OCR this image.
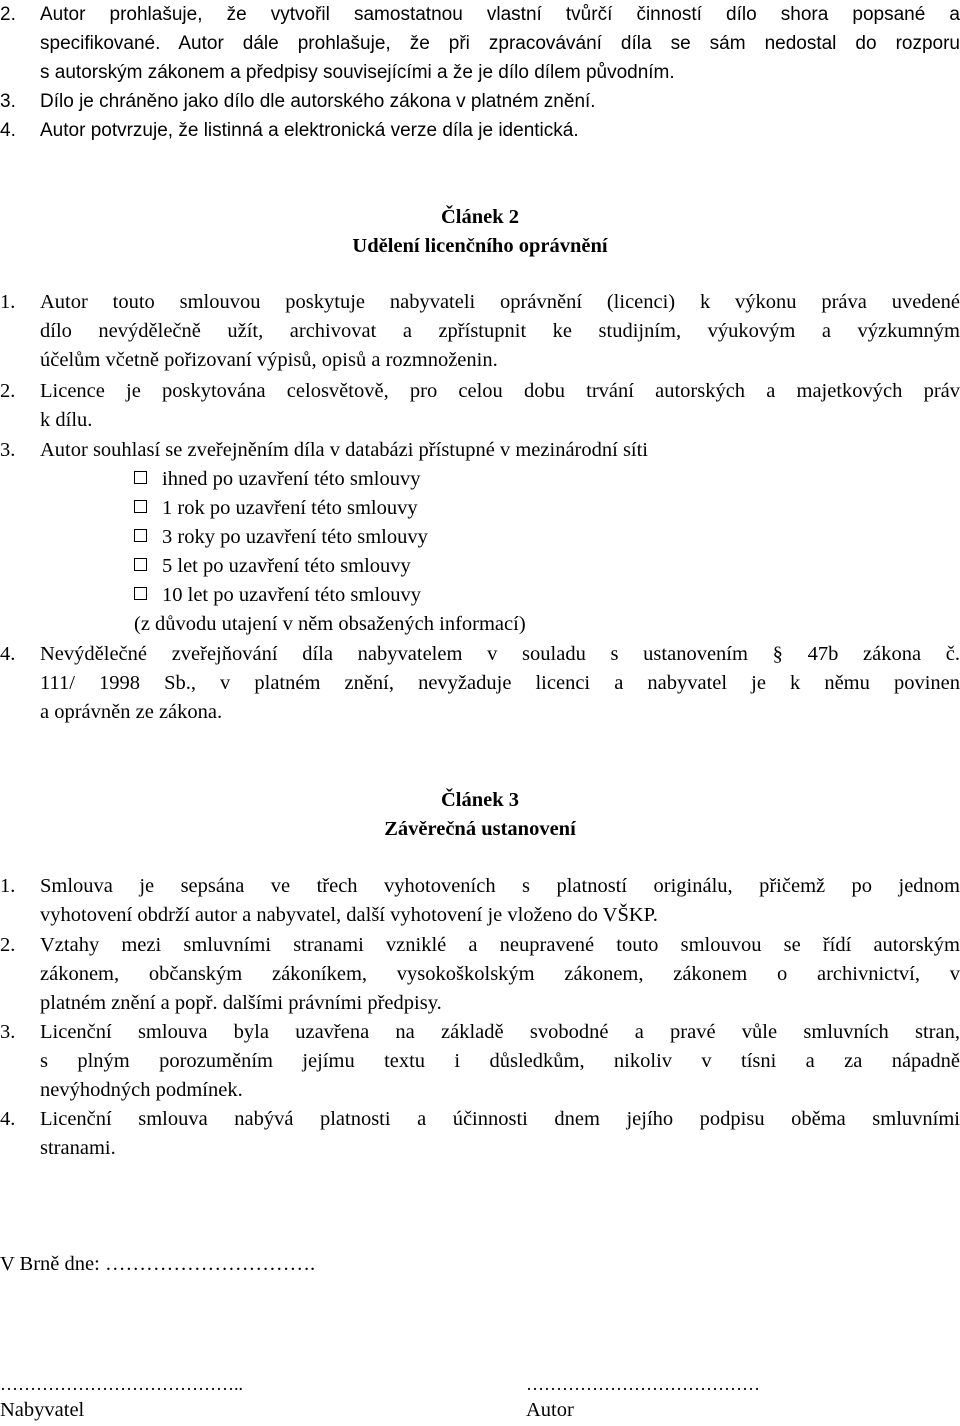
2. Autor prohlašuje, že vytvořil samostatnou vlastní tvůrčí činností dílo shora popsané a
specifikované. Autor dále prohlašuje, že při zpracovávání díla se sám nedostal do rozporu
s autorským zákonem a předpisy souvisejícími a že je dílo dílem původním.
3. Dílo je chráněno jako dílo dle autorského zákona v platném znění.
4. Autor potvrzuje, že listinná a elektronická verze díla je identická.
Článek 2
Udělení licenčního oprávnění
1. Autor touto smlouvou poskytuje nabyvateli oprávnění (licenci) k výkonu práva uvedené
dílo nevýdělečně užít, archivovat a zpřístupnit ke studijním, výukovým a výzkumným
účelům včetně pořizovaní výpisů, opisů a rozmnoženin.
2. Licence je poskytována celosvětově, pro celou dobu trvání autorských a majetkových práv
k dílu.
3. Autor souhlasí se zveřejněním díla v databázi přístupné v mezinárodní síti
ihned po uzavření této smlouvy
1 rok po uzavření této smlouvy
3 roky po uzavření této smlouvy
5 let po uzavření této smlouvy
10 let po uzavření této smlouvy
(z důvodu utajení v něm obsažených informací)
4. Nevýdělečné zveřejňování díla nabyvatelem v souladu s ustanovením § 47b zákona č.
111/ 1998 Sb., v platném znění, nevyžaduje licenci a nabyvatel je k němu povinen
a oprávněn ze zákona.
Článek 3
Závěrečná ustanovení
1. Smlouva je sepsána ve třech vyhotoveních s platností originálu, přičemž po jednom
vyhotovení obdrží autor a nabyvatel, další vyhotovení je vloženo do VŠKP.
2. Vztahy mezi smluvními stranami vzniklé a neupravené touto smlouvou se řídí autorským
zákonem, občanským zákoníkem, vysokoškolským zákonem, zákonem o archivnictví, v
platném znění a popř. dalšími právními předpisy.
3. Licenční smlouva byla uzavřena na základě svobodné a pravé vůle smluvních stran,
s plným porozuměním jejímu textu i důsledkům, nikoliv v tísni a za nápadně
nevýhodných podmínek.
4. Licenční smlouva nabývá platnosti a účinnosti dnem jejího podpisu oběma smluvními
stranami.
V Brně dne: ………………………….
…………………………………..
Nabyvatel
…………………………………
Autor
